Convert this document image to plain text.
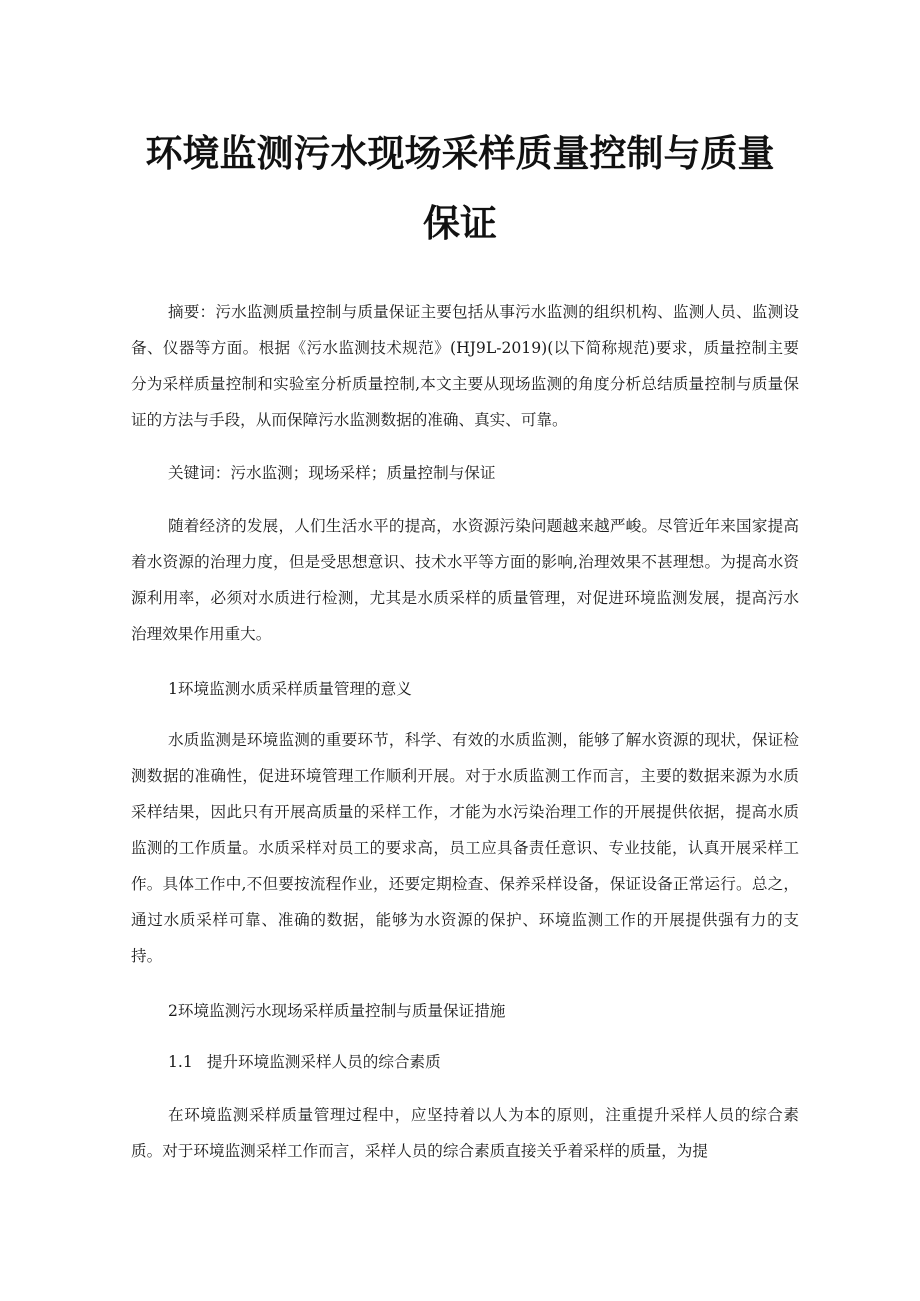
环境监测污水现场采样质量控制与质量
保证

摘要：污水监测质量控制与质量保证主要包括从事污水监测的组织机构、监测人员、监测设备、仪器等方面。根据《污水监测技术规范》(HJ9L-2019)(以下简称规范)要求，质量控制主要分为采样质量控制和实验室分析质量控制,本文主要从现场监测的角度分析总结质量控制与质量保证的方法与手段，从而保障污水监测数据的准确、真实、可靠。

关键词：污水监测；现场采样；质量控制与保证

随着经济的发展，人们生活水平的提高，水资源污染问题越来越严峻。尽管近年来国家提高着水资源的治理力度，但是受思想意识、技术水平等方面的影响,治理效果不甚理想。为提高水资源利用率，必须对水质进行检测，尤其是水质采样的质量管理，对促进环境监测发展，提高污水治理效果作用重大。

1环境监测水质采样质量管理的意义

水质监测是环境监测的重要环节，科学、有效的水质监测，能够了解水资源的现状，保证检测数据的准确性，促进环境管理工作顺利开展。对于水质监测工作而言，主要的数据来源为水质采样结果，因此只有开展高质量的采样工作，才能为水污染治理工作的开展提供依据，提高水质监测的工作质量。水质采样对员工的要求高，员工应具备责任意识、专业技能，认真开展采样工作。具体工作中,不但要按流程作业，还要定期检查、保养采样设备，保证设备正常运行。总之，通过水质采样可靠、准确的数据，能够为水资源的保护、环境监测工作的开展提供强有力的支持。

2环境监测污水现场采样质量控制与质量保证措施

1.1 提升环境监测采样人员的综合素质

在环境监测采样质量管理过程中，应坚持着以人为本的原则，注重提升采样人员的综合素质。对于环境监测采样工作而言，采样人员的综合素质直接关乎着采样的质量，为提
